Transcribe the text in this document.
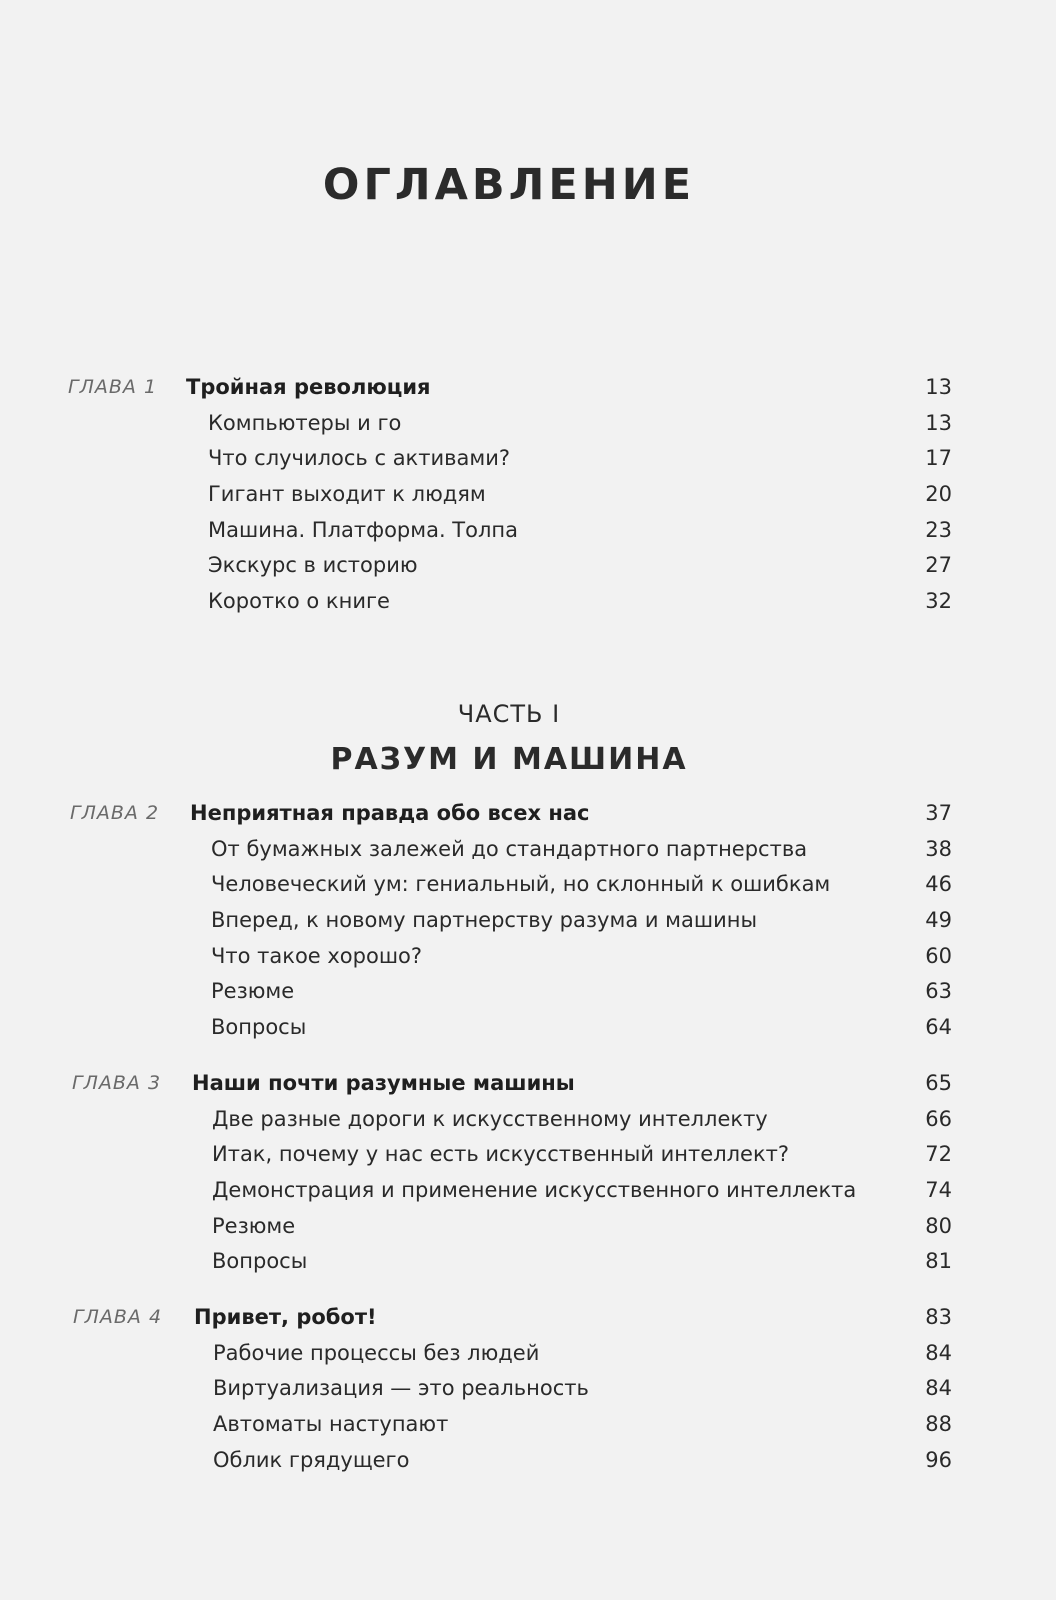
ОГЛАВЛЕНИЕ
ГЛАВА 1 Тройная революция	13
Компьютеры и го	13
Что случилось с активами?	17
Гигант выходит к людям	20
Машина. Платформа. Толпа	23
Экскурс в историю	27
Коротко о книге	32
ЧАСТЬ I
РАЗУМ И МАШИНА
ГЛАВА 2 Неприятная правда обо всех нас	37
От бумажных залежей до стандартного партнерства	38
Человеческий ум: гениальный, но склонный к ошибкам	46
Вперед, к новому партнерству разума и машины	49
Что такое хорошо?	60
Резюме	63
Вопросы	64
ГЛАВА 3 Наши почти разумные машины	65
Две разные дороги к искусственному интеллекту	66
Итак, почему у нас есть искусственный интеллект?	72
Демонстрация и применение искусственного интеллекта	74
Резюме	80
Вопросы	81
ГЛАВА 4 Привет, робот!	83
Рабочие процессы без людей	84
Виртуализация — это реальность	84
Автоматы наступают	88
Облик грядущего	96
